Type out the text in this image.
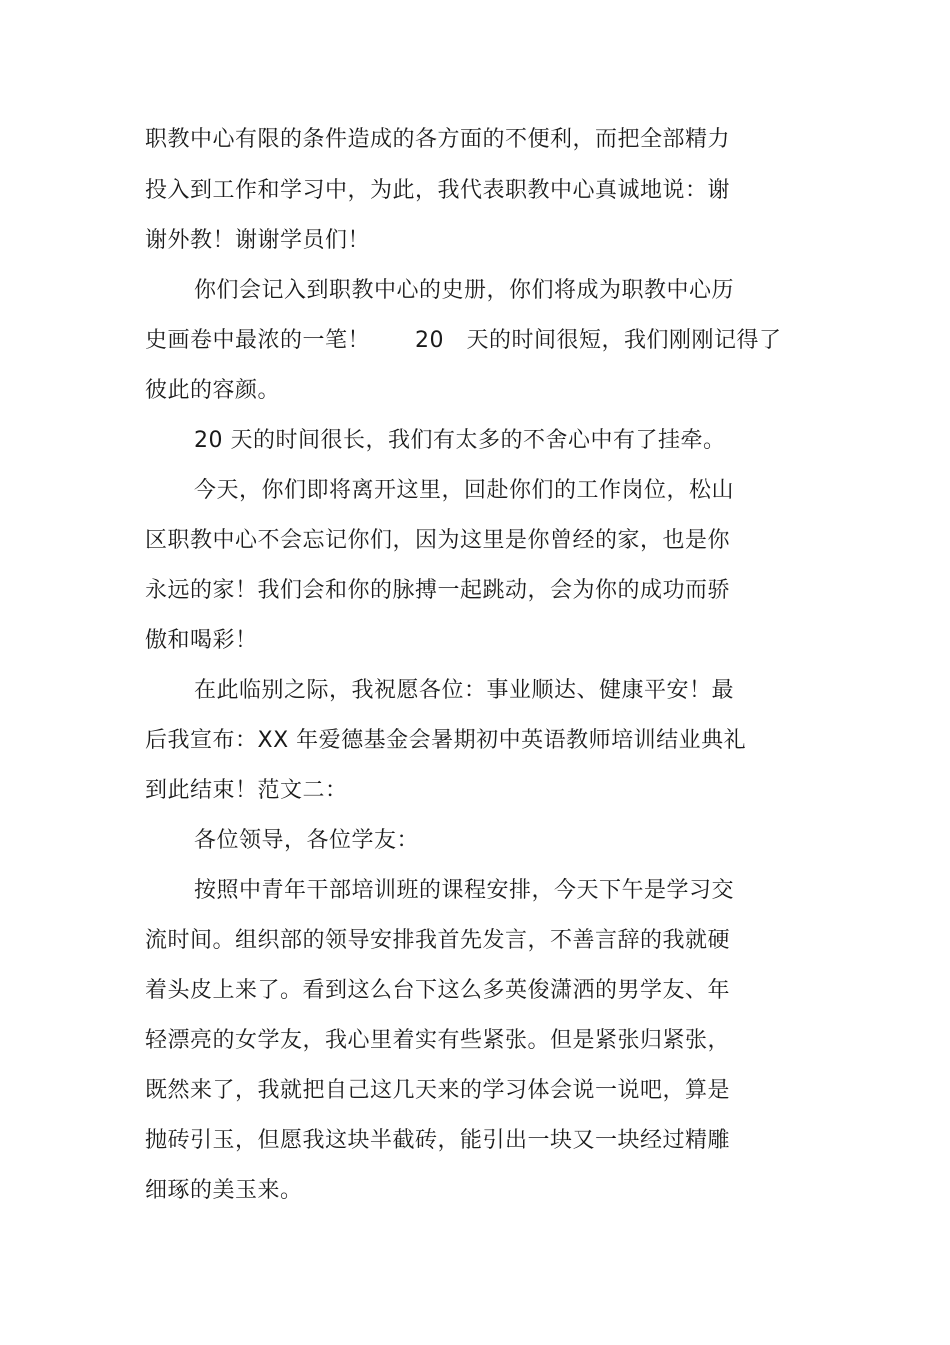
职教中心有限的条件造成的各方面的不便利，而把全部精力
投入到工作和学习中，为此，我代表职教中心真诚地说：谢
谢外教！谢谢学员们！
你们会记入到职教中心的史册，你们将成为职教中心历
史画卷中最浓的一笔！　　20　天的时间很短，我们刚刚记得了
彼此的容颜。
20 天的时间很长，我们有太多的不舍心中有了挂牵。
今天，你们即将离开这里，回赴你们的工作岗位，松山
区职教中心不会忘记你们，因为这里是你曾经的家，也是你
永远的家！我们会和你的脉搏一起跳动，会为你的成功而骄
傲和喝彩！
在此临别之际，我祝愿各位：事业顺达、健康平安！最
后我宣布：XX 年爱德基金会暑期初中英语教师培训结业典礼
到此结束！范文二：
各位领导，各位学友：
按照中青年干部培训班的课程安排，今天下午是学习交
流时间。组织部的领导安排我首先发言，不善言辞的我就硬
着头皮上来了。看到这么台下这么多英俊潇洒的男学友、年
轻漂亮的女学友，我心里着实有些紧张。但是紧张归紧张，
既然来了，我就把自己这几天来的学习体会说一说吧，算是
抛砖引玉，但愿我这块半截砖，能引出一块又一块经过精雕
细琢的美玉来。
